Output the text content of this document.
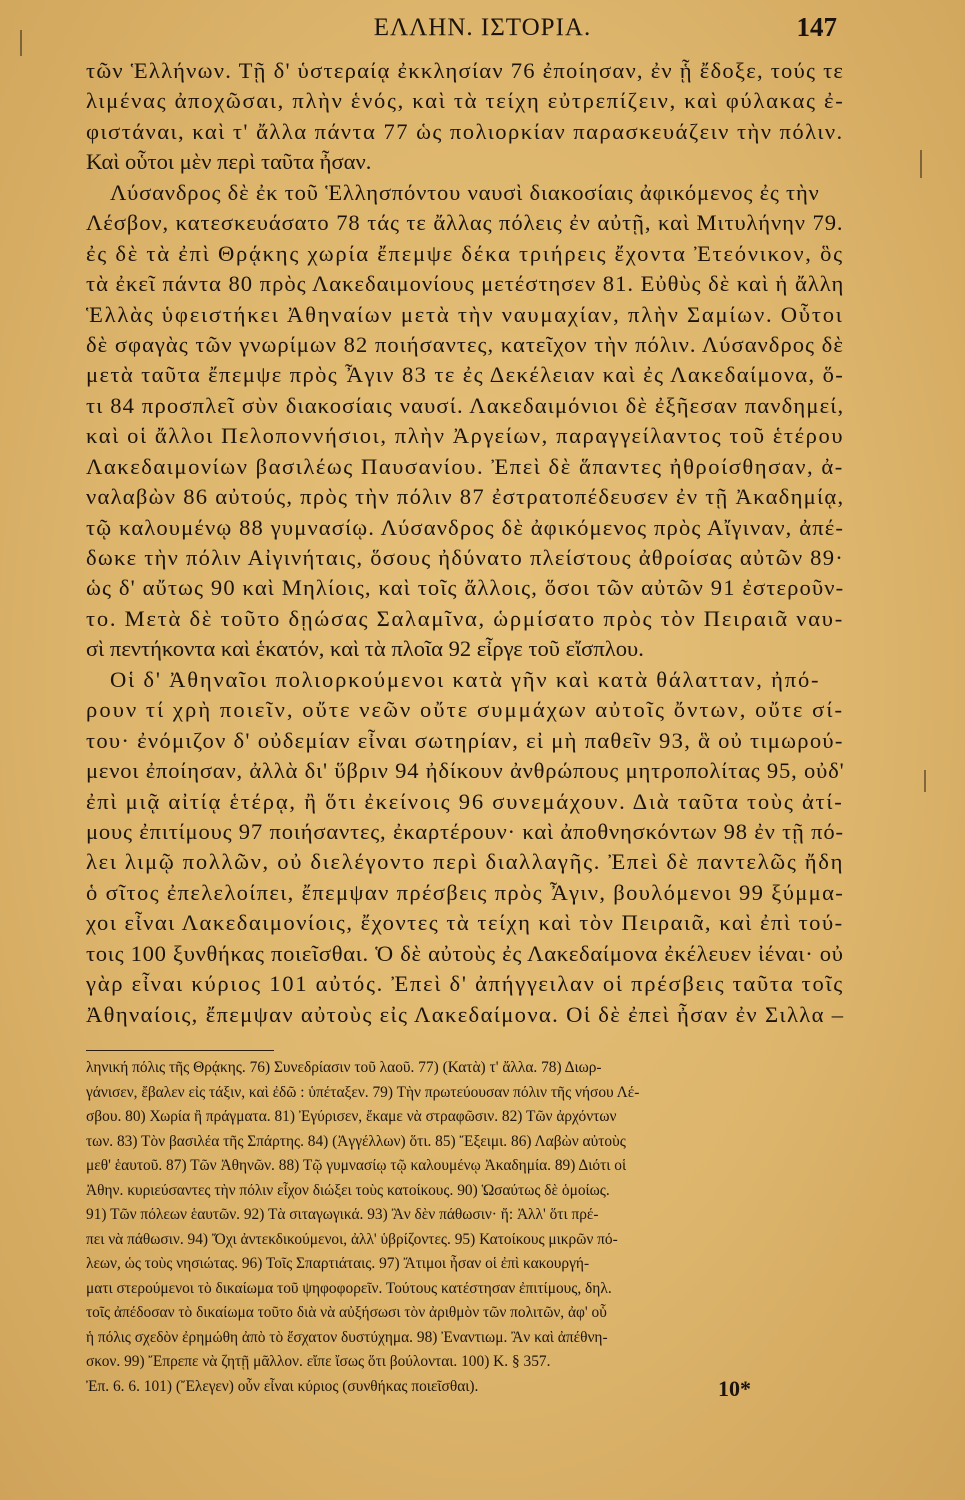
ΕΛΛΗΝ. ΙΣΤΟΡΙΑ.	147
τῶν Ἑλλήνων. Τῇ δ' ὑστεραίᾳ ἐκκλησίαν 76 ἐποίησαν, ἐν ᾗ ἔδοξε, τούς τε
λιμένας ἀποχῶσαι, πλὴν ἑνός, καὶ τὰ τείχη εὐτρεπίζειν, καὶ φύλακας ἐ-
φιστάναι, καὶ τ' ἄλλα πάντα 77 ὡς πολιορκίαν παρασκευάζειν τὴν πόλιν.
Καὶ οὗτοι μὲν περὶ ταῦτα ἦσαν.
Λύσανδρος δὲ ἐκ τοῦ Ἑλλησπόντου ναυσὶ διακοσίαις ἀφικόμενος ἐς τὴν
Λέσβον, κατεσκευάσατο 78 τάς τε ἄλλας πόλεις ἐν αὐτῇ, καὶ Μιτυλήνην 79.
ἐς δὲ τὰ ἐπὶ Θρᾴκης χωρία ἔπεμψε δέκα τριήρεις ἔχοντα Ἐτεόνικον, ὃς
τὰ ἐκεῖ πάντα 80 πρὸς Λακεδαιμονίους μετέστησεν 81. Εὐθὺς δὲ καὶ ἡ ἄλλη
Ἑλλὰς ὑφειστήκει Ἀθηναίων μετὰ τὴν ναυμαχίαν, πλὴν Σαμίων. Οὗτοι
δὲ σφαγὰς τῶν γνωρίμων 82 ποιήσαντες, κατεῖχον τὴν πόλιν. Λύσανδρος δὲ
μετὰ ταῦτα ἔπεμψε πρὸς Ἆγιν 83 τε ἐς Δεκέλειαν καὶ ἐς Λακεδαίμονα, ὅ-
τι 84 προσπλεῖ σὺν διακοσίαις ναυσί. Λακεδαιμόνιοι δὲ ἐξῆεσαν πανδημεί,
καὶ οἱ ἄλλοι Πελοποννήσιοι, πλὴν Ἀργείων, παραγγείλαντος τοῦ ἑτέρου
Λακεδαιμονίων βασιλέως Παυσανίου. Ἐπεὶ δὲ ἅπαντες ἠθροίσθησαν, ἀ-
ναλαβὼν 86 αὐτούς, πρὸς τὴν πόλιν 87 ἐστρατοπέδευσεν ἐν τῇ Ἀκαδημίᾳ,
τῷ καλουμένῳ 88 γυμνασίῳ. Λύσανδρος δὲ ἀφικόμενος πρὸς Αἴγιναν, ἀπέ-
δωκε τὴν πόλιν Αἰγινήταις, ὅσους ἠδύνατο πλείστους ἀθροίσας αὐτῶν 89·
ὡς δ' αὔτως 90 καὶ Μηλίοις, καὶ τοῖς ἄλλοις, ὅσοι τῶν αὐτῶν 91 ἐστεροῦν-
το. Μετὰ δὲ τοῦτο δῃώσας Σαλαμῖνα, ὡρμίσατο πρὸς τὸν Πειραιᾶ ναυ-
σὶ πεντήκοντα καὶ ἑκατόν, καὶ τὰ πλοῖα 92 εἶργε τοῦ εἴσπλου.
Οἱ δ' Ἀθηναῖοι πολιορκούμενοι κατὰ γῆν καὶ κατὰ θάλατταν, ἠπό-
ρουν τί χρὴ ποιεῖν, οὔτε νεῶν οὔτε συμμάχων αὐτοῖς ὄντων, οὔτε σί-
του· ἐνόμιζον δ' οὐδεμίαν εἶναι σωτηρίαν, εἰ μὴ παθεῖν 93, ἃ οὐ τιμωρού-
μενοι ἐποίησαν, ἀλλὰ δι' ὕβριν 94 ἠδίκουν ἀνθρώπους μητροπολίτας 95, οὐδ'
ἐπὶ μιᾷ αἰτίᾳ ἑτέρᾳ, ἢ ὅτι ἐκείνοις 96 συνεμάχουν. Διὰ ταῦτα τοὺς ἀτί-
μους ἐπιτίμους 97 ποιήσαντες, ἐκαρτέρουν· καὶ ἀποθνησκόντων 98 ἐν τῇ πό-
λει λιμῷ πολλῶν, οὐ διελέγοντο περὶ διαλλαγῆς. Ἐπεὶ δὲ παντελῶς ἤδη
ὁ σῖτος ἐπελελοίπει, ἔπεμψαν πρέσβεις πρὸς Ἆγιν, βουλόμενοι 99 ξύμμα-
χοι εἶναι Λακεδαιμονίοις, ἔχοντες τὰ τείχη καὶ τὸν Πειραιᾶ, καὶ ἐπὶ τού-
τοις 100 ξυνθήκας ποιεῖσθαι. Ὁ δὲ αὐτοὺς ἐς Λακεδαίμονα ἐκέλευεν ἰέναι· οὐ
γὰρ εἶναι κύριος 101 αὐτός. Ἐπεὶ δ' ἀπήγγειλαν οἱ πρέσβεις ταῦτα τοῖς
Ἀθηναίοις, ἔπεμψαν αὐτοὺς εἰς Λακεδαίμονα. Οἱ δὲ ἐπεὶ ἦσαν ἐν Σιλλα –
ληνική πόλις τῆς Θρᾴκης. 76) Συνεδρίασιν τοῦ λαοῦ. 77) (Κατὰ) τ' ἄλλα. 78) Διωρ-
γάνισεν, ἔβαλεν εἰς τάξιν, καὶ ἐδῶ : ὑπέταξεν. 79) Τὴν πρωτεύουσαν πόλιν τῆς νήσου Λέ-
σβου. 80) Χωρία ἢ πράγματα. 81) Ἐγύρισεν, ἔκαμε νὰ στραφῶσιν. 82) Τῶν ἀρχόντων
των. 83) Τὸν βασιλέα τῆς Σπάρτης. 84) (Ἀγγέλλων) ὅτι. 85) Ἔξειμι. 86) Λαβὼν αὐτοὺς
μεθ' ἑαυτοῦ. 87) Τῶν Ἀθηνῶν. 88) Τῷ γυμνασίῳ τῷ καλουμένῳ Ἀκαδημία. 89) Διότι οἱ
Ἀθην. κυριεύσαντες τὴν πόλιν εἶχον διώξει τοὺς κατοίκους. 90) Ὡσαύτως δὲ ὁμοίως.
91) Τῶν πόλεων ἑαυτῶν. 92) Τὰ σιταγωγικά. 93) Ἂν δὲν πάθωσιν· ἤ: Ἀλλ' ὅτι πρέ-
πει νὰ πάθωσιν. 94) Ὄχι ἀντεκδικούμενοι, ἀλλ' ὑβρίζοντες. 95) Κατοίκους μικρῶν πό-
λεων, ὡς τοὺς νησιώτας. 96) Τοῖς Σπαρτιάταις. 97) Ἄτιμοι ἦσαν οἱ ἐπὶ κακουργή-
ματι στερούμενοι τὸ δικαίωμα τοῦ ψηφοφορεῖν. Τούτους κατέστησαν ἐπιτίμους, δηλ.
τοῖς ἀπέδοσαν τὸ δικαίωμα τοῦτο διὰ νὰ αὐξήσωσι τὸν ἀριθμὸν τῶν πολιτῶν, ἀφ' οὗ
ἡ πόλις σχεδὸν ἐρημώθη ἀπὸ τὸ ἔσχατον δυστύχημα. 98) Ἐναντιωμ. Ἂν καὶ ἀπέθνη-
σκον. 99) Ἔπρεπε νὰ ζητῇ μᾶλλον. εἴπε ἴσως ὅτι βούλονται. 100) Κ. § 357.
Ἐπ. 6. 6. 101) (Ἔλεγεν) οὖν εἶναι κύριος (συνθήκας ποιεῖσθαι).	10*
